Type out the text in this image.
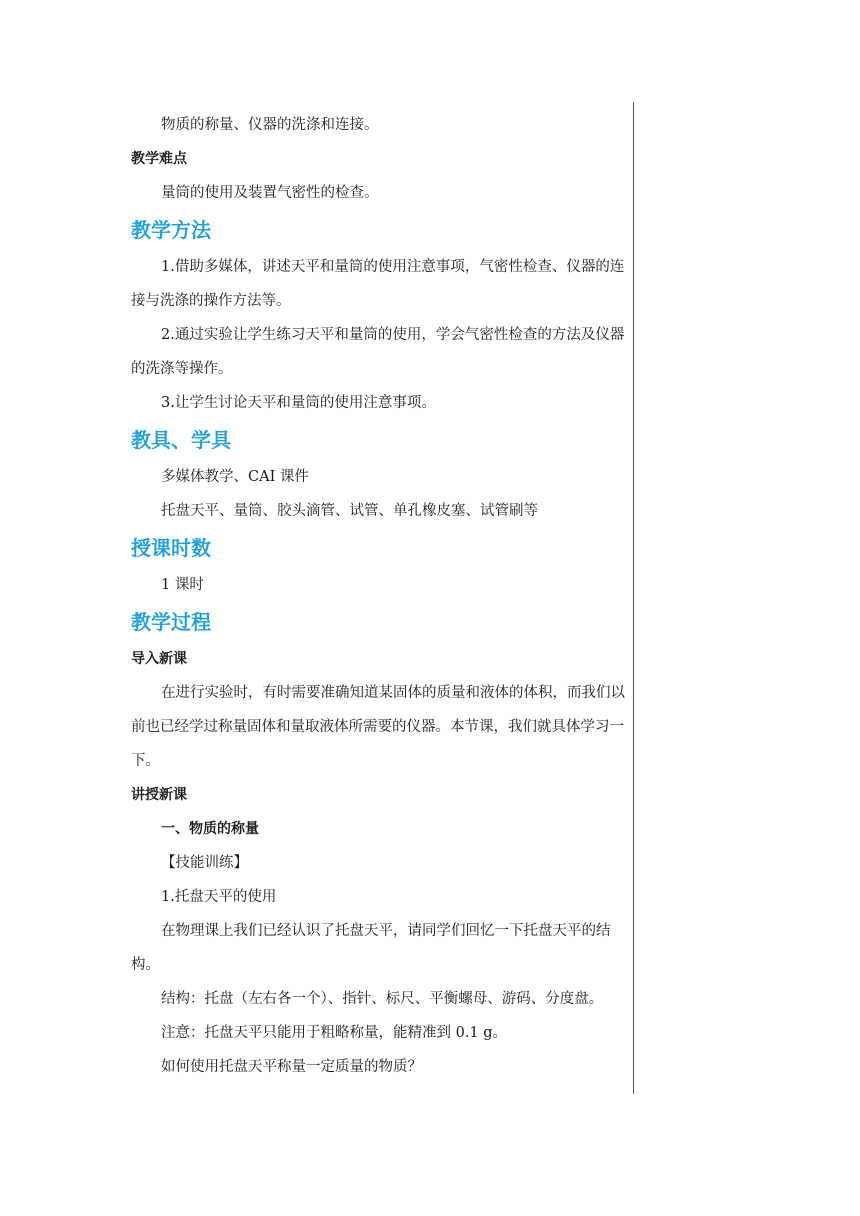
物质的称量、仪器的洗涤和连接。

教学难点

量筒的使用及装置气密性的检查。

教学方法

1.借助多媒体，讲述天平和量筒的使用注意事项，气密性检查、仪器的连接与洗涤的操作方法等。

2.通过实验让学生练习天平和量筒的使用，学会气密性检查的方法及仪器的洗涤等操作。

3.让学生讨论天平和量筒的使用注意事项。

教具、学具

多媒体教学、CAI 课件

托盘天平、量筒、胶头滴管、试管、单孔橡皮塞、试管刷等

授课时数

1 课时

教学过程

导入新课

在进行实验时，有时需要准确知道某固体的质量和液体的体积，而我们以前也已经学过称量固体和量取液体所需要的仪器。本节课，我们就具体学习一下。

讲授新课

一、物质的称量

【技能训练】

1.托盘天平的使用

在物理课上我们已经认识了托盘天平，请同学们回忆一下托盘天平的结构。

结构：托盘（左右各一个）、指针、标尺、平衡螺母、游码、分度盘。

注意：托盘天平只能用于粗略称量，能精准到 0.1 g。

如何使用托盘天平称量一定质量的物质？
